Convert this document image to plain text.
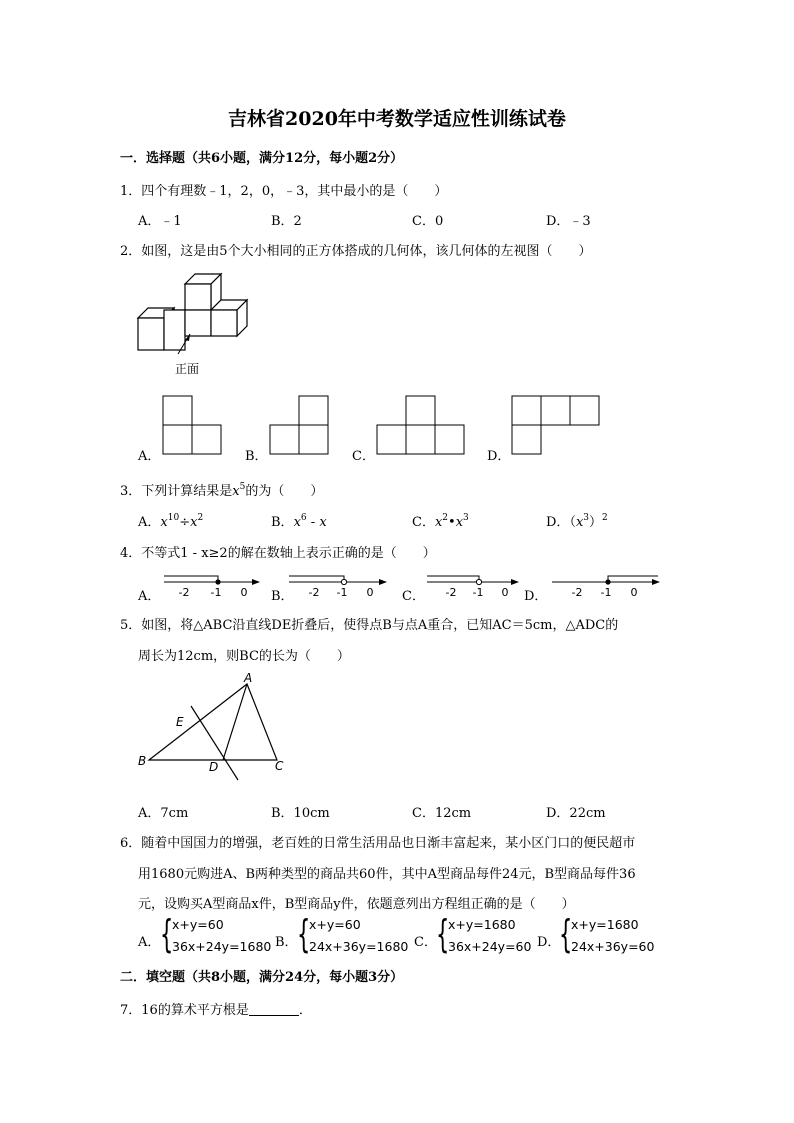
吉林省2020年中考数学适应性训练试卷
一．选择题（共6小题，满分12分，每小题2分）
1．四个有理数﹣1，2，0，﹣3，其中最小的是（　　）
A．﹣1	B．2	C．0	D．﹣3
2．如图，这是由5个大小相同的正方体搭成的几何体，该几何体的左视图（　　）
正面
A．	B．	C．	D．
3．下列计算结果是$x^5$的为（　　）
A．$x^{10}\div x^2$	B．$x^6$ - x	C．$x^2•x^3$	D．$(x^3)^2$
4．不等式1 - x≥2的解在数轴上表示正确的是（　　）
A． -2 -1 0 B． -2 -1 0 C． -2 -1 0 D． -2 -1 0
5．如图，将△ABC沿直线DE折叠后，使得点B与点A重合，已知AC＝5cm，△ADC的
周长为12cm，则BC的长为（　　）
A
B	C
D
E
A．7cm	B．10cm	C．12cm	D．22cm
6．随着中国国力的增强，老百姓的日常生活用品也日渐丰富起来，某小区门口的便民超市
用1680元购进A、B两种类型的商品共60件，其中A型商品每件24元，B型商品每件36
元，设购买A型商品x件，B型商品y件，依题意列出方程组正确的是（　　）
A． {
x+y=60
36x+24y=1680 B． {
x+y=60
24x+36y=1680 C． {
x+y=1680
36x+24y=60 D．
{
x+y=1680
24x+36y=60
二．填空题（共8小题，满分24分，每小题3分）
7．16的算术平方根是	．
